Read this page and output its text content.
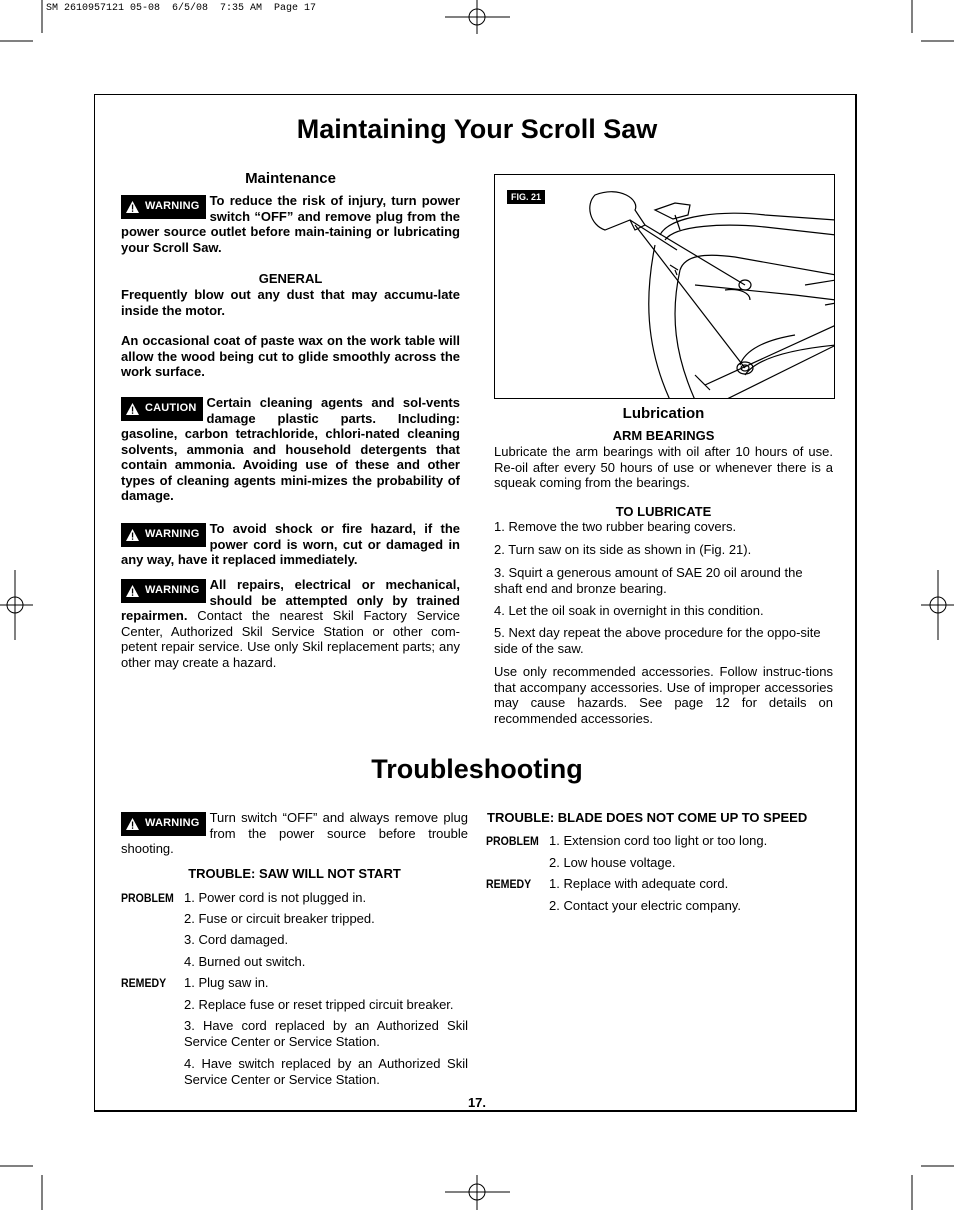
SM 2610957121 05-08  6/5/08  7:35 AM  Page 17
Maintaining Your Scroll Saw
Maintenance
WARNING To reduce the risk of injury, turn power switch “OFF” and remove plug from the power source outlet before main-taining or lubricating your Scroll Saw.
GENERAL
Frequently blow out any dust that may accumu-late inside the motor.
An occasional coat of paste wax on the work table will allow the wood being cut to glide smoothly across the work surface.
CAUTION Certain cleaning agents and sol-vents damage plastic parts. Including: gasoline, carbon tetrachloride, chlori-nated cleaning solvents, ammonia and household detergents that contain ammonia. Avoiding use of these and other types of cleaning agents mini-mizes the probability of damage.
WARNING To avoid shock or fire hazard, if the power cord is worn, cut or damaged in any way, have it replaced immediately.
WARNING All repairs, electrical or mechanical, should be attempted only by trained repairmen. Contact the nearest Skil Factory Service Center, Authorized Skil Service Station or other com-petent repair service. Use only Skil replacement parts; any other may create a hazard.
FIG. 21
Lubrication
ARM BEARINGS
Lubricate the arm bearings with oil after 10 hours of use. Re-oil after every 50 hours of use or whenever there is a squeak coming from the bearings.
TO LUBRICATE
1. Remove the two rubber bearing covers.
2. Turn saw on its side as shown in (Fig. 21).
3. Squirt a generous amount of SAE 20 oil around the shaft end and bronze bearing.
4. Let the oil soak in overnight in this condition.
5. Next day repeat the above procedure for the oppo-site side of the saw.
Use only recommended accessories. Follow instruc-tions that accompany accessories. Use of improper accessories may cause hazards. See page 12 for details on recommended accessories.
Troubleshooting
WARNING Turn switch “OFF” and always remove plug from the power source before trouble shooting.
TROUBLE: SAW WILL NOT START
PROBLEM 1. Power cord is not plugged in.
2. Fuse or circuit breaker tripped.
3. Cord damaged.
4. Burned out switch.
REMEDY	1. Plug saw in.
2. Replace fuse or reset tripped circuit breaker.
3. Have cord replaced by an Authorized Skil Service Center or Service Station.
4. Have switch replaced by an Authorized Skil Service Center or Service Station.
TROUBLE: BLADE DOES NOT COME UP TO SPEED
PROBLEM 1. Extension cord too light or too long.
2. Low house voltage.
REMEDY	1. Replace with adequate cord.
2. Contact your electric company.
17.
